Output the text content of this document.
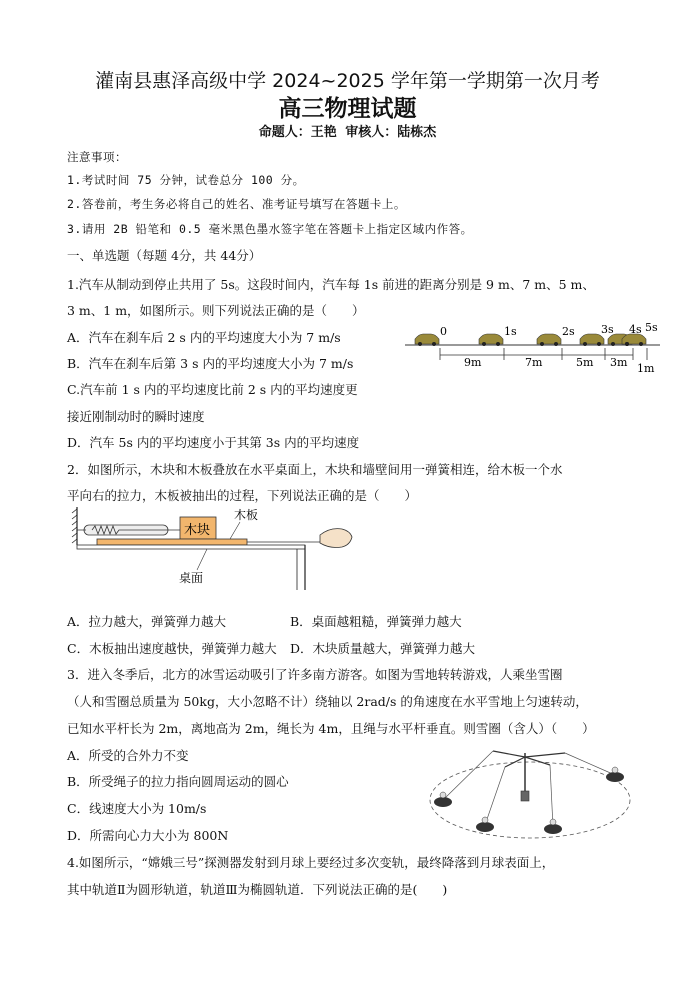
灌南县惠泽高级中学 2024~2025 学年第一学期第一次月考
高三物理试题
命题人：王艳 审核人：陆栋杰
注意事项：
1.考试时间 75 分钟，试卷总分 100 分。
2.答卷前，考生务必将自己的姓名、准考证号填写在答题卡上。
3.请用 2B 铅笔和 0.5 毫米黑色墨水签字笔在答题卡上指定区域内作答。
一、单选题（每题 4分，共 44分）
1.汽车从制动到停止共用了 5s。这段时间内，汽车每 1s 前进的距离分别是 9 m、7 m、5 m、
3 m、1 m，如图所示。则下列说法正确的是（　　）
A．汽车在刹车后 2 s 内的平均速度大小为 7 m/s
B．汽车在刹车后第 3 s 内的平均速度大小为 7 m/s
C.汽车前 1 s 内的平均速度比前 2 s 内的平均速度更
接近刚制动时的瞬时速度
D．汽车 5s 内的平均速度小于其第 3s 内的平均速度
0	1s	2s 3s 4s 5s
9m	7m	5m 3m 1m
2．如图所示，木块和木板叠放在水平桌面上，木块和墙壁间用一弹簧相连，给木板一个水
平向右的拉力，木板被抽出的过程，下列说法正确的是（　　）
木块
木板
桌面
A．拉力越大，弹簧弹力越大	B．桌面越粗糙，弹簧弹力越大
C．木板抽出速度越快，弹簧弹力越大 D．木块质量越大，弹簧弹力越大
3．进入冬季后，北方的冰雪运动吸引了许多南方游客。如图为雪地转转游戏，人乘坐雪圈
（人和雪圈总质量为 50kg，大小忽略不计）绕轴以 2rad/s 的角速度在水平雪地上匀速转动，
已知水平杆长为 2m，离地高为 2m，绳长为 4m，且绳与水平杆垂直。则雪圈（含人）（　　）
A．所受的合外力不变
B．所受绳子的拉力指向圆周运动的圆心
C．线速度大小为 10m/s
D．所需向心力大小为 800N
4.如图所示，“嫦娥三号”探测器发射到月球上要经过多次变轨，最终降落到月球表面上，
其中轨道Ⅱ为圆形轨道，轨道Ⅲ为椭圆轨道．下列说法正确的是(　　)
